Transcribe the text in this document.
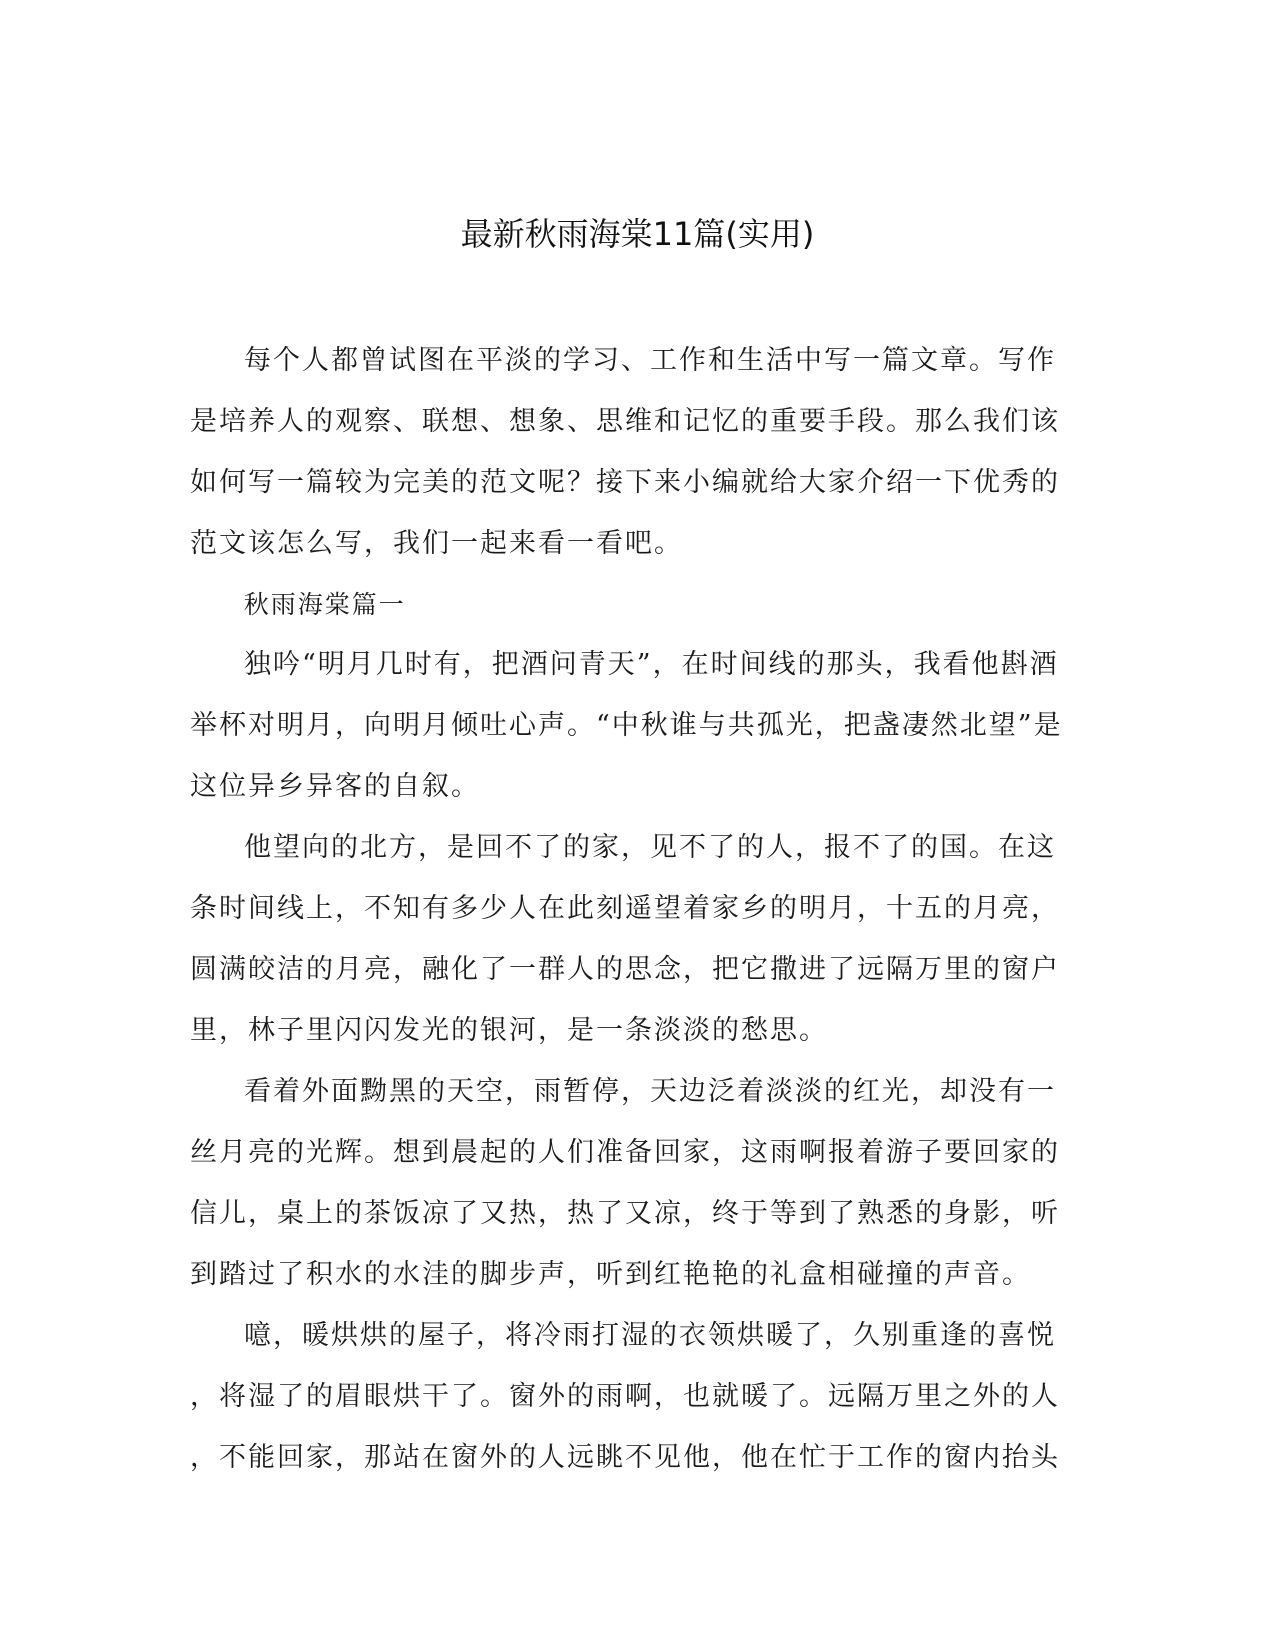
最新秋雨海棠11篇(实用)
每个人都曾试图在平淡的学习、工作和生活中写一篇文章。写作
是培养人的观察、联想、想象、思维和记忆的重要手段。那么我们该
如何写一篇较为完美的范文呢？接下来小编就给大家介绍一下优秀的
范文该怎么写，我们一起来看一看吧。
秋雨海棠篇一
独吟“明月几时有，把酒问青天”，在时间线的那头，我看他斟酒
举杯对明月，向明月倾吐心声。“中秋谁与共孤光，把盏凄然北望”是
这位异乡异客的自叙。
他望向的北方，是回不了的家，见不了的人，报不了的国。在这
条时间线上，不知有多少人在此刻遥望着家乡的明月，十五的月亮，
圆满皎洁的月亮，融化了一群人的思念，把它撒进了远隔万里的窗户
里，林子里闪闪发光的银河，是一条淡淡的愁思。
看着外面黝黑的天空，雨暂停，天边泛着淡淡的红光，却没有一
丝月亮的光辉。想到晨起的人们准备回家，这雨啊报着游子要回家的
信儿，桌上的茶饭凉了又热，热了又凉，终于等到了熟悉的身影，听
到踏过了积水的水洼的脚步声，听到红艳艳的礼盒相碰撞的声音。
噫，暖烘烘的屋子，将冷雨打湿的衣领烘暖了，久别重逢的喜悦
，将湿了的眉眼烘干了。窗外的雨啊，也就暖了。远隔万里之外的人
，不能回家，那站在窗外的人远眺不见他，他在忙于工作的窗内抬头
